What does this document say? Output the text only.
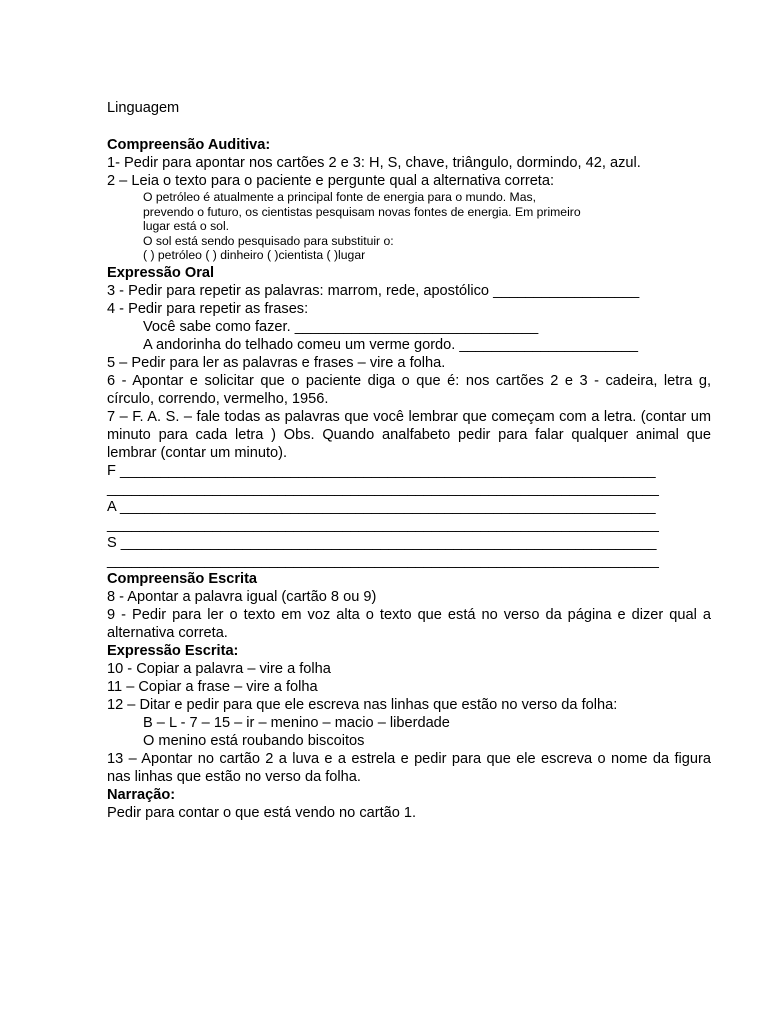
Linguagem

Compreensão Auditiva:

1- Pedir para apontar nos cartões 2 e 3: H, S, chave, triângulo, dormindo, 42, azul.

2 – Leia o texto para o paciente e pergunte qual a alternativa correta:

O petróleo é atualmente a principal fonte de energia para o mundo. Mas,

prevendo o futuro, os cientistas pesquisam novas fontes de energia. Em primeiro

lugar está o sol.

O sol está sendo pesquisado para substituir o:

( ) petróleo ( ) dinheiro ( )cientista ( )lugar

Expressão Oral

3 - Pedir para repetir as palavras: marrom, rede, apostólico __________________

4 - Pedir para repetir as frases:

Você sabe como fazer. ______________________________

A andorinha do telhado comeu um verme gordo. ______________________

5 – Pedir para ler as palavras e frases – vire a folha.

6 - Apontar e solicitar que o paciente diga o que é: nos cartões 2 e 3 - cadeira, letra g, círculo, correndo, vermelho, 1956.

7 – F. A. S. – fale todas as palavras que você lembrar que começam com a letra. (contar um minuto para cada letra ) Obs. Quando analfabeto pedir para falar qualquer animal que lembrar (contar um minuto).

F __________________________________________________________________

____________________________________________________________________

A __________________________________________________________________

____________________________________________________________________

S __________________________________________________________________

____________________________________________________________________

Compreensão Escrita

8 - Apontar a palavra igual (cartão 8 ou 9)

9 - Pedir para ler o texto em voz alta o texto que está no verso da página e dizer qual a alternativa correta.

Expressão Escrita:

10 - Copiar a palavra – vire a folha

11 – Copiar a frase – vire a folha

12 – Ditar e pedir para que ele escreva nas linhas que estão no verso da folha:

B – L - 7 – 15 – ir – menino – macio – liberdade

O menino está roubando biscoitos

13 – Apontar no cartão 2 a luva e a estrela e pedir para que ele escreva o nome da figura nas linhas que estão no verso da folha.

Narração:

Pedir para contar o que está vendo no cartão 1.
